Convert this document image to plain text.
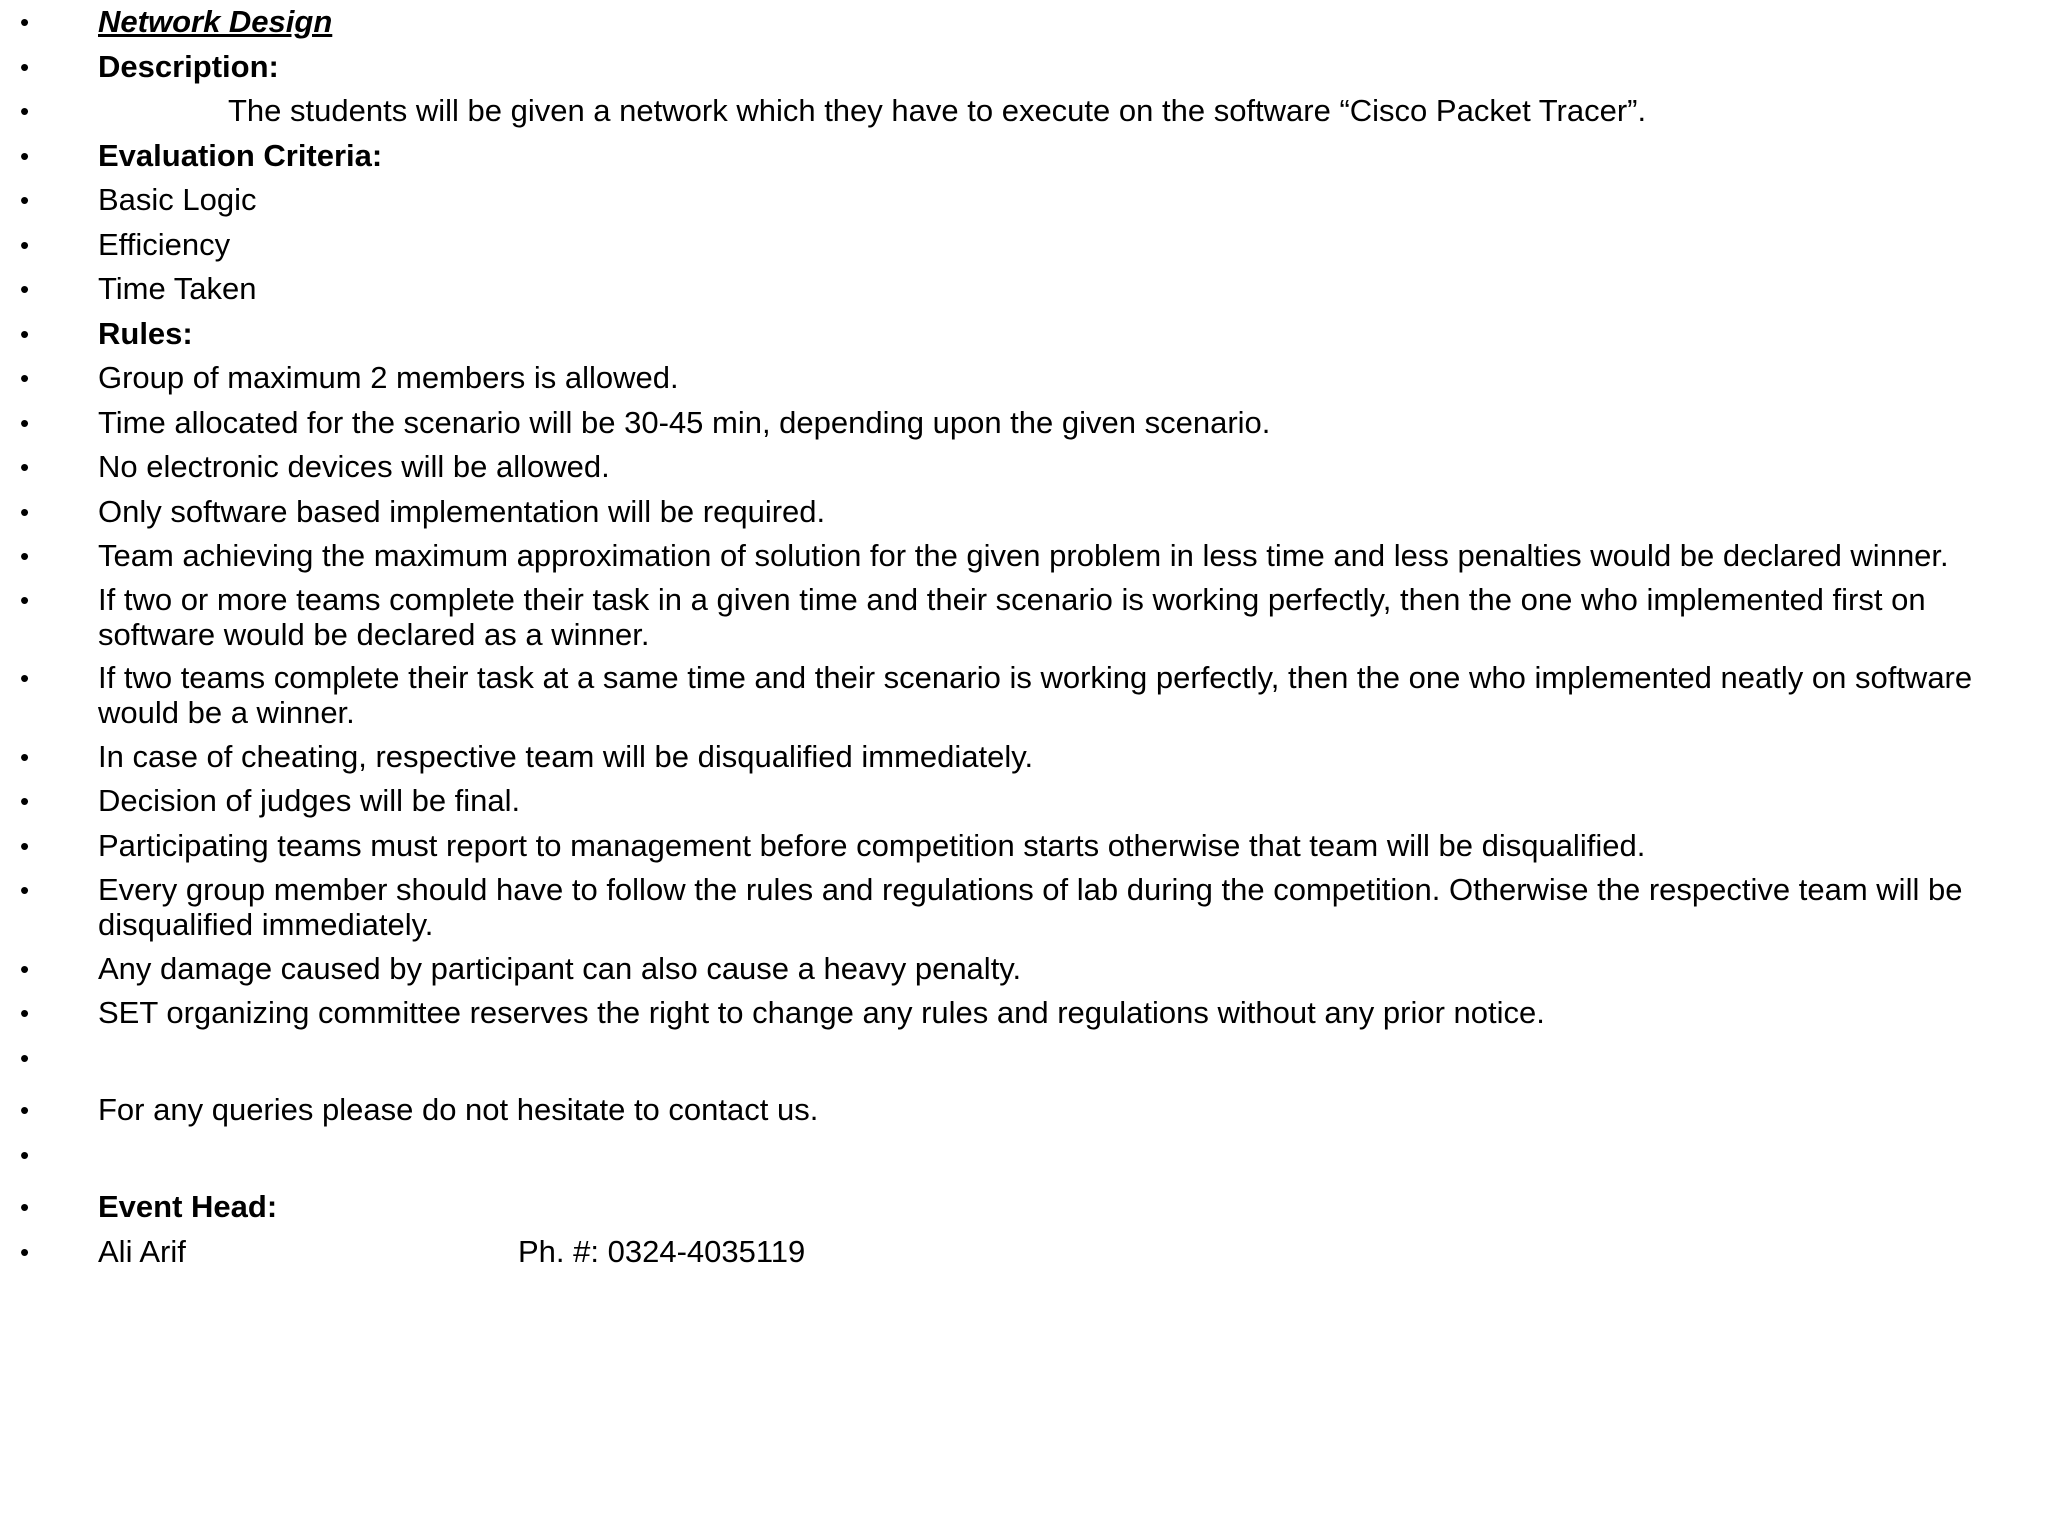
• Network Design
• Description:
•	The students will be given a network which they have to execute on the software “Cisco Packet Tracer”.
• Evaluation Criteria:
• Basic Logic
• Efficiency
• Time Taken
• Rules:
• Group of maximum 2 members is allowed.
• Time allocated for the scenario will be 30-45 min, depending upon the given scenario.
• No electronic devices will be allowed.
• Only software based implementation will be required.
• Team achieving the maximum approximation of solution for the given problem in less time and less penalties would be declared winner.
• If two or more teams complete their task in a given time and their scenario is working perfectly, then the one who implemented first on software would be declared as a winner.
• If two teams complete their task at a same time and their scenario is working perfectly, then the one who implemented neatly on software would be a winner.
• In case of cheating, respective team will be disqualified immediately.
• Decision of judges will be final.
• Participating teams must report to management before competition starts otherwise that team will be disqualified.
• Every group member should have to follow the rules and regulations of lab during the competition. Otherwise the respective team will be disqualified immediately.
• Any damage caused by participant can also cause a heavy penalty.
• SET organizing committee reserves the right to change any rules and regulations without any prior notice.
•
• For any queries please do not hesitate to contact us.
•
• Event Head:
• Ali Arif	Ph. #: 0324-4035119
